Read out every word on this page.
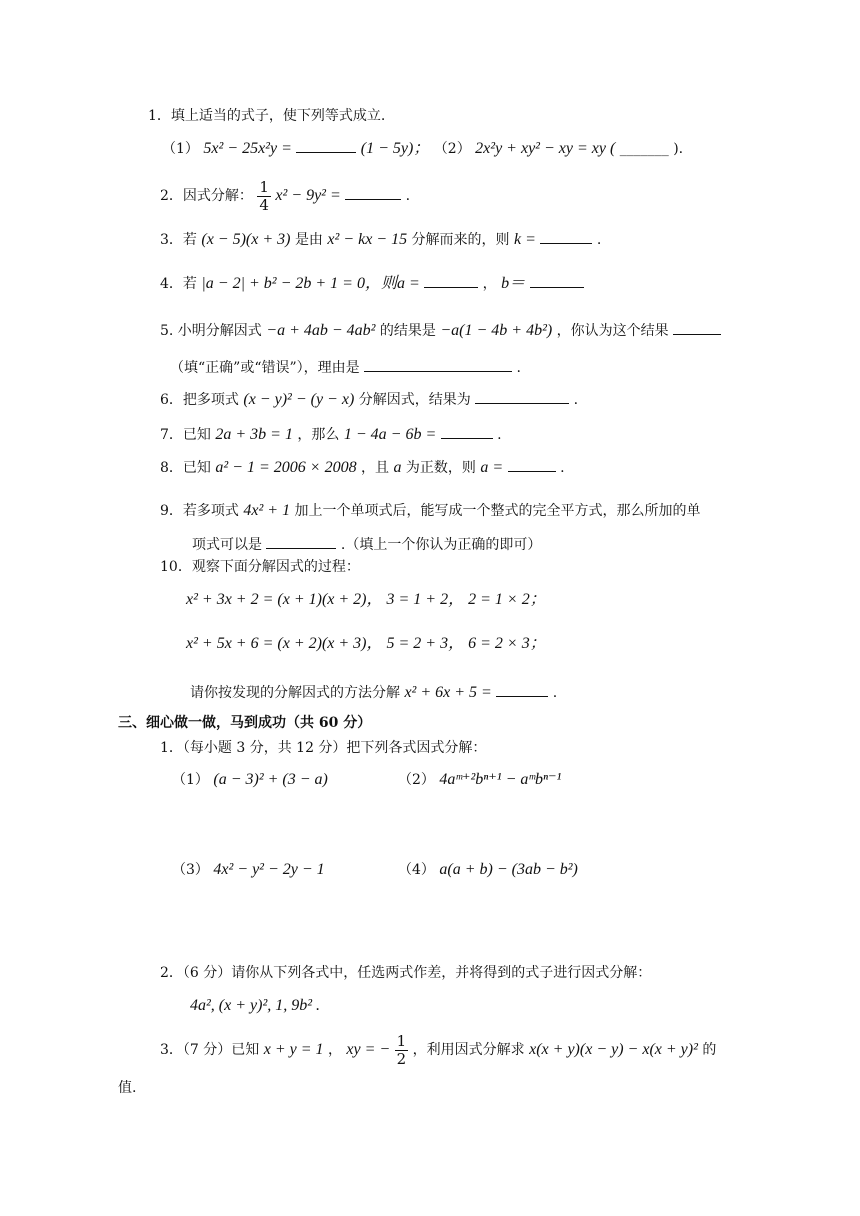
1．填上适当的式子，使下列等式成立.
（1） 5x² − 25x²y =	(1 − 5y)； （2） 2x²y + xy² − xy = xy ( _______ ).
2．因式分解： $\frac{1}{4} x^2 - 9y^2$ =	.
3．若 (x − 5)(x + 3) 是由 x² − kx − 15 分解而来的，则 k =	.
4．若 |a − 2| + b² − 2b + 1 = 0，则a =	， b＝
5. 小明分解因式 −a + 4ab − 4ab² 的结果是 −a(1 − 4b + 4b²) ，你认为这个结果
（填“正确”或“错误”），理由是	.
6．把多项式 (x − y)² − (y − x) 分解因式，结果为	.
7．已知 2a + 3b = 1 ，那么 1 − 4a − 6b =	.
8．已知 a² − 1 = 2006 × 2008 ，且 a 为正数，则 a =	.
9．若多项式 4x² + 1 加上一个单项式后，能写成一个整式的完全平方式，那么所加的单
项式可以是	.（填上一个你认为正确的即可）
10．观察下面分解因式的过程：
x² + 3x + 2 = (x + 1)(x + 2)， 3 = 1 + 2， 2 = 1 × 2；
x² + 5x + 6 = (x + 2)(x + 3)， 5 = 2 + 3， 6 = 2 × 3；
请你按发现的分解因式的方法分解 x² + 6x + 5 =	.
三、细心做一做，马到成功（共 60 分）
1．（每小题 3 分，共 12 分）把下列各式因式分解：
（1） (a − 3)² + (3 − a)	（2） 4aᵐ⁺²bⁿ⁺¹ − aᵐbⁿ⁻¹
（3） 4x² − y² − 2y − 1	（4） a(a + b) − (3ab − b²)
2．（6 分）请你从下列各式中，任选两式作差，并将得到的式子进行因式分解：
4a², (x + y)², 1, 9b² .
3．（7 分）已知 x + y = 1 ， xy = − $\frac{1}{2}$ ，利用因式分解求 x(x + y)(x − y) − x(x + y)² 的
值.
